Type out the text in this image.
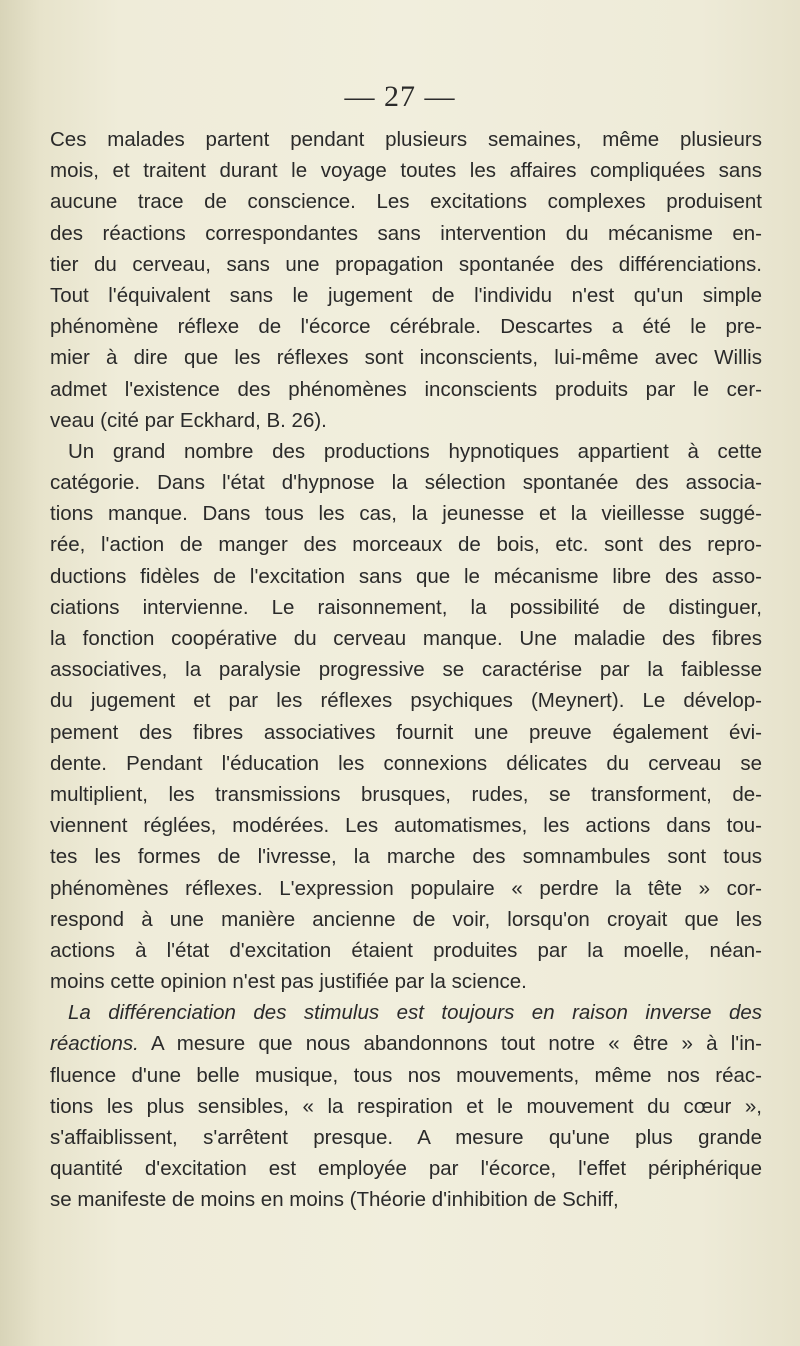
— 27 —
Ces malades partent pendant plusieurs semaines, même plusieurs
mois, et traitent durant le voyage toutes les affaires compliquées sans
aucune trace de conscience. Les excitations complexes produisent
des réactions correspondantes sans intervention du mécanisme en-
tier du cerveau, sans une propagation spontanée des différenciations.
Tout l'équivalent sans le jugement de l'individu n'est qu'un simple
phénomène réflexe de l'écorce cérébrale. Descartes a été le pre-
mier à dire que les réflexes sont inconscients, lui-même avec Willis
admet l'existence des phénomènes inconscients produits par le cer-
veau (cité par Eckhard, B. 26).
Un grand nombre des productions hypnotiques appartient à cette
catégorie. Dans l'état d'hypnose la sélection spontanée des associa-
tions manque. Dans tous les cas, la jeunesse et la vieillesse suggé-
rée, l'action de manger des morceaux de bois, etc. sont des repro-
ductions fidèles de l'excitation sans que le mécanisme libre des asso-
ciations intervienne. Le raisonnement, la possibilité de distinguer,
la fonction coopérative du cerveau manque. Une maladie des fibres
associatives, la paralysie progressive se caractérise par la faiblesse
du jugement et par les réflexes psychiques (Meynert). Le dévelop-
pement des fibres associatives fournit une preuve également évi-
dente. Pendant l'éducation les connexions délicates du cerveau se
multiplient, les transmissions brusques, rudes, se transforment, de-
viennent réglées, modérées. Les automatismes, les actions dans tou-
tes les formes de l'ivresse, la marche des somnambules sont tous
phénomènes réflexes. L'expression populaire « perdre la tête » cor-
respond à une manière ancienne de voir, lorsqu'on croyait que les
actions à l'état d'excitation étaient produites par la moelle, néan-
moins cette opinion n'est pas justifiée par la science.
La différenciation des stimulus est toujours en raison inverse des
réactions. A mesure que nous abandonnons tout notre « être » à l'in-
fluence d'une belle musique, tous nos mouvements, même nos réac-
tions les plus sensibles, « la respiration et le mouvement du cœur »,
s'affaiblissent, s'arrêtent presque. A mesure qu'une plus grande
quantité d'excitation est employée par l'écorce, l'effet périphérique
se manifeste de moins en moins (Théorie d'inhibition de Schiff,
